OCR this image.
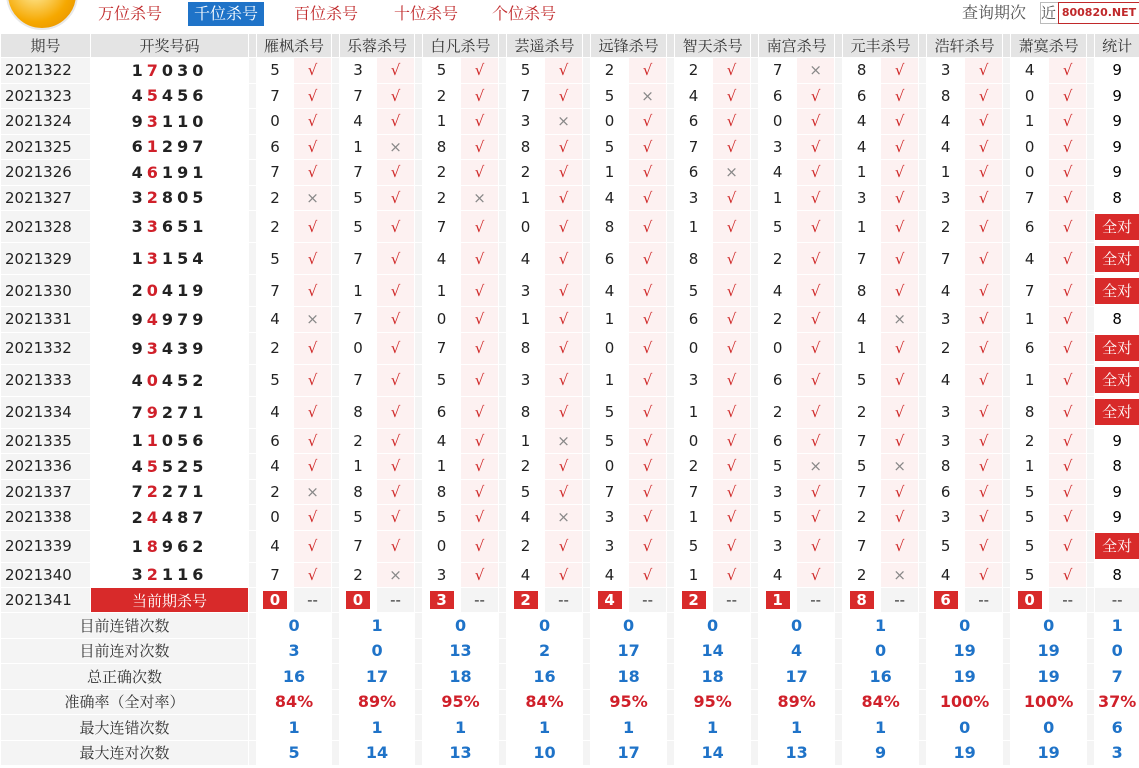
万位杀号	千位杀号	百位杀号	十位杀号	个位杀号	查询期次 近 800820.NET
期号	开奖号码		雁枫杀号			乐蓉杀号			白凡杀号			芸遥杀号			远锋杀号			智天杀号			南宫杀号			元丰杀号			浩轩杀号			萧寞杀号			统计
2021322	17030		5	√		3	√		5	√		5	√		2	√		2	√		7	×		8	√		3	√		4	√		9
2021323	45456		7	√		7	√		2	√		7	√		5	×		4	√		6	√		6	√		8	√		0	√		9
2021324	93110		0	√		4	√		1	√		3	×		0	√		6	√		0	√		4	√		4	√		1	√		9
2021325	61297		6	√		1	×		8	√		8	√		5	√		7	√		3	√		4	√		4	√		0	√		9
2021326	46191		7	√		7	√		2	√		2	√		1	√		6	×		4	√		1	√		1	√		0	√		9
2021327	32805		2	×		5	√		2	×		1	√		4	√		3	√		1	√		3	√		3	√		7	√		8
2021328	33651		2	√		5	√		7	√		0	√		8	√		1	√		5	√		1	√		2	√		6	√		全对
2021329	13154		5	√		7	√		4	√		4	√		6	√		8	√		2	√		7	√		7	√		4	√		全对
2021330	20419		7	√		1	√		1	√		3	√		4	√		5	√		4	√		8	√		4	√		7	√		全对
2021331	94979		4	×		7	√		0	√		1	√		1	√		6	√		2	√		4	×		3	√		1	√		8
2021332	93439		2	√		0	√		7	√		8	√		0	√		0	√		0	√		1	√		2	√		6	√		全对
2021333	40452		5	√		7	√		5	√		3	√		1	√		3	√		6	√		5	√		4	√		1	√		全对
2021334	79271		4	√		8	√		6	√		8	√		5	√		1	√		2	√		2	√		3	√		8	√		全对
2021335	11056		6	√		2	√		4	√		1	×		5	√		0	√		6	√		7	√		3	√		2	√		9
2021336	45525		4	√		1	√		1	√		2	√		0	√		2	√		5	×		5	×		8	√		1	√		8
2021337	72271		2	×		8	√		8	√		5	√		7	√		7	√		3	√		7	√		6	√		5	√		9
2021338	24487		0	√		5	√		5	√		4	×		3	√		1	√		5	√		2	√		3	√		5	√		9
2021339	18962		4	√		7	√		0	√		2	√		3	√		5	√		3	√		7	√		5	√		5	√		全对
2021340	32116		7	√		2	×		3	√		4	√		4	√		1	√		4	√		2	×		4	√		5	√		8
2021341	当前期杀号		0	--		0	--		3	--		2	--		4	--		2	--		1	--		8	--		6	--		0	--		--
目前连错次数			0			1			0			0			0			0			0			1			0			0			1
目前连对次数			3			0			13			2			17			14			4			0			19			19			0
总正确次数			16			17			18			16			18			18			17			16			19			19			7
准确率（全对率）			84%			89%			95%			84%			95%			95%			89%			84%			100%			100%			37%
最大连错次数			1			1			1			1			1			1			1			1			0			0			6
最大连对次数			5			14			13			10			17			14			13			9			19			19			3
